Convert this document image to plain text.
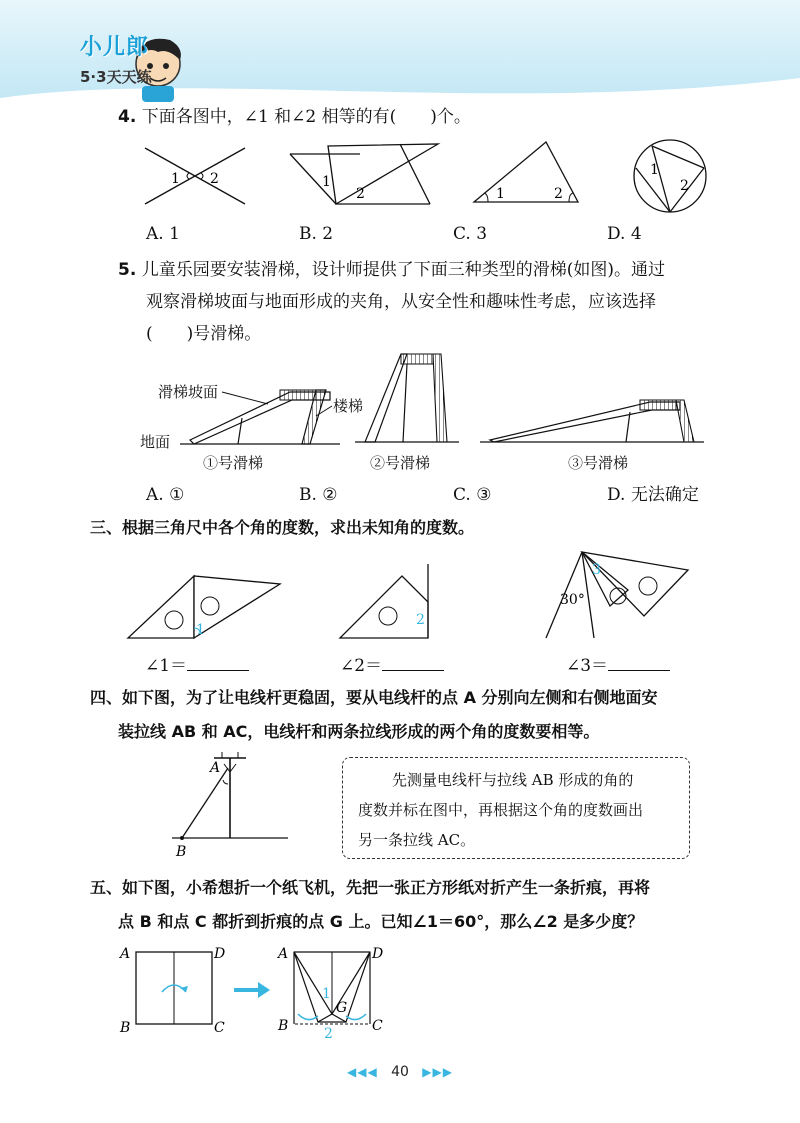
小儿郎
5·3天天练
4. 下面各图中，∠1 和∠2 相等的有(　　)个。
1 2	1
2	1	2
1
2
A. 1	B. 2	C. 3	D. 4
5. 儿童乐园要安装滑梯，设计师提供了下面三种类型的滑梯(如图)。通过
观察滑梯坡面与地面形成的夹角，从安全性和趣味性考虑，应该选择
(　　)号滑梯。
滑梯坡面
楼梯
地面
①号滑梯	②号滑梯	③号滑梯
A. ①	B. ②	C. ③	D. 无法确定
三、根据三角尺中各个角的度数，求出未知角的度数。
1
2
3
30°
∠1＝	∠2＝	∠3＝
四、如下图，为了让电线杆更稳固，要从电线杆的点 A 分别向左侧和右侧地面安
装拉线 AB 和 AC，电线杆和两条拉线形成的两个角的度数要相等。
A
B
先测量电线杆与拉线 AB 形成的角的
度数并标在图中，再根据这个角的度数画出
另一条拉线 AC。
五、如下图，小希想折一个纸飞机，先把一张正方形纸对折产生一条折痕，再将
点 B 和点 C 都折到折痕的点 G 上。已知∠1＝60°，那么∠2 是多少度？
A	D
B	C
1
2
A	D
B	C
G
◀◀◀ 40 ▶▶▶
